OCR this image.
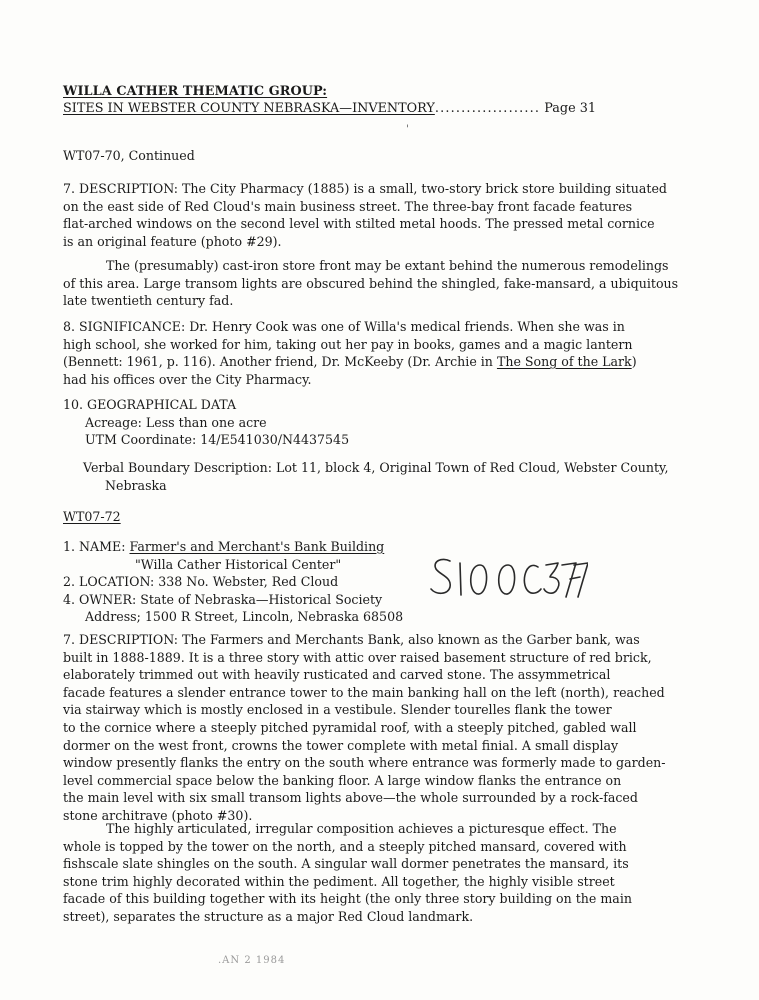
WILLA CATHER THEMATIC GROUP:
SITES IN WEBSTER COUNTY NEBRASKA—INVENTORY.................... Page 31
'
WT07-70, Continued
7. DESCRIPTION: The City Pharmacy (1885) is a small, two-story brick store building situated
on the east side of Red Cloud's main business street. The three-bay front facade features
flat-arched windows on the second level with stilted metal hoods. The pressed metal cornice
is an original feature (photo #29).
The (presumably) cast-iron store front may be extant behind the numerous remodelings
of this area. Large transom lights are obscured behind the shingled, fake-mansard, a ubiquitous
late twentieth century fad.
8. SIGNIFICANCE: Dr. Henry Cook was one of Willa's medical friends. When she was in
high school, she worked for him, taking out her pay in books, games and a magic lantern
(Bennett: 1961, p. 116). Another friend, Dr. McKeeby (Dr. Archie in The Song of the Lark)
had his offices over the City Pharmacy.
10. GEOGRAPHICAL DATA
Acreage: Less than one acre
UTM Coordinate: 14/E541030/N4437545
Verbal Boundary Description: Lot 11, block 4, Original Town of Red Cloud, Webster County,
Nebraska
WT07-72
1. NAME: Farmer's and Merchant's Bank Building
"Willa Cather Historical Center"
2. LOCATION: 338 No. Webster, Red Cloud
4. OWNER: State of Nebraska—Historical Society
Address; 1500 R Street, Lincoln, Nebraska 68508
7. DESCRIPTION: The Farmers and Merchants Bank, also known as the Garber bank, was
built in 1888-1889. It is a three story with attic over raised basement structure of red brick,
elaborately trimmed out with heavily rusticated and carved stone. The assymmetrical
facade features a slender entrance tower to the main banking hall on the left (north), reached
via stairway which is mostly enclosed in a vestibule. Slender tourelles flank the tower
to the cornice where a steeply pitched pyramidal roof, with a steeply pitched, gabled wall
dormer on the west front, crowns the tower complete with metal finial. A small display
window presently flanks the entry on the south where entrance was formerly made to garden-
level commercial space below the banking floor. A large window flanks the entrance on
the main level with six small transom lights above—the whole surrounded by a rock-faced
stone architrave (photo #30).
The highly articulated, irregular composition achieves a picturesque effect. The
whole is topped by the tower on the north, and a steeply pitched mansard, covered with
fishscale slate shingles on the south. A singular wall dormer penetrates the mansard, its
stone trim highly decorated within the pediment. All together, the highly visible street
facade of this building together with its height (the only three story building on the main
street), separates the structure as a major Red Cloud landmark.
.AN 2 1984
